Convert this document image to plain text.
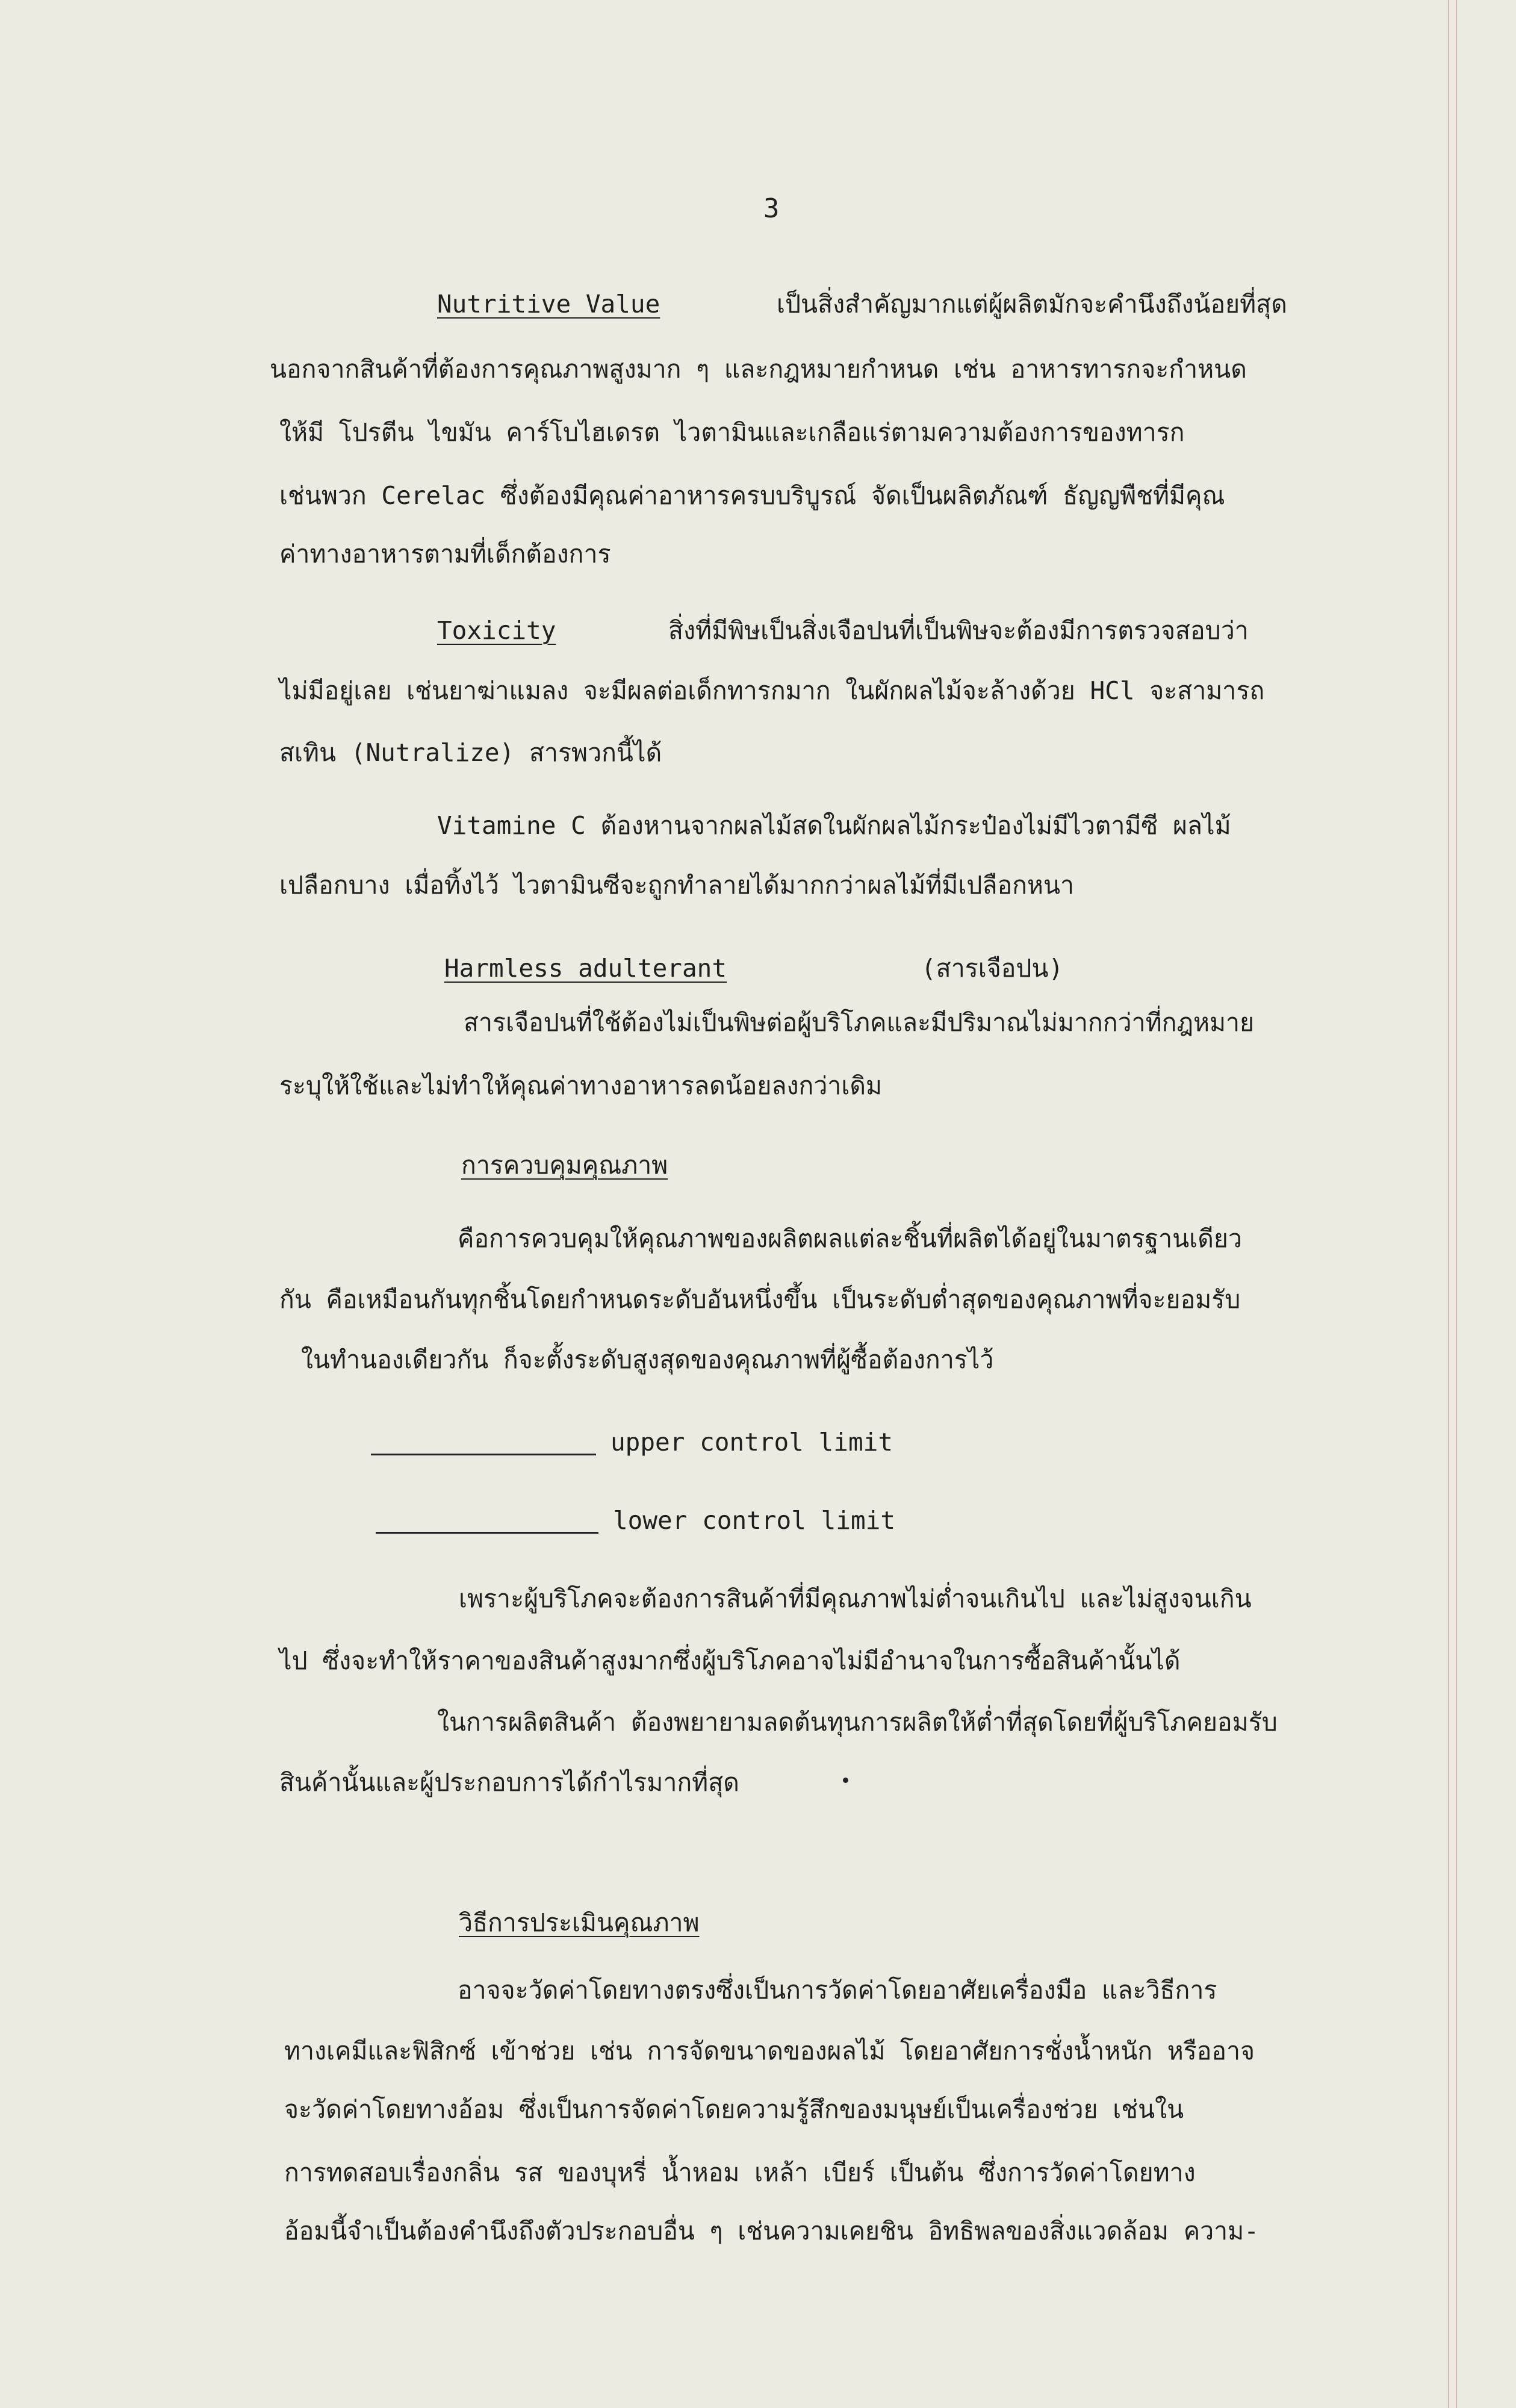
3
Nutritive Value	เป็นสิ่งสำคัญมากแต่ผู้ผลิตมักจะคำนึงถึงน้อยที่สุด
นอกจากสินค้าที่ต้องการคุณภาพสูงมาก ๆ และกฎหมายกำหนด เช่น อาหารทารกจะกำหนด
ให้มี โปรตีน ไขมัน คาร์โบไฮเดรต ไวตามินและเกลือแร่ตามความต้องการของทารก
เช่นพวก Cerelac ซึ่งต้องมีคุณค่าอาหารครบบริบูรณ์ จัดเป็นผลิตภัณฑ์ ธัญญพืชที่มีคุณ
ค่าทางอาหารตามที่เด็กต้องการ
Toxicity	สิ่งที่มีพิษเป็นสิ่งเจือปนที่เป็นพิษจะต้องมีการตรวจสอบว่า
ไม่มีอยู่เลย เช่นยาฆ่าแมลง จะมีผลต่อเด็กทารกมาก ในผักผลไม้จะล้างด้วย HCl จะสามารถ
สเทิน (Nutralize) สารพวกนี้ได้
Vitamine C ต้องหานจากผลไม้สดในผักผลไม้กระป๋องไม่มีไวตามีซี ผลไม้
เปลือกบาง เมื่อทิ้งไว้ ไวตามินซีจะถูกทำลายได้มากกว่าผลไม้ที่มีเปลือกหนา
Harmless adulterant	(สารเจือปน)
สารเจือปนที่ใช้ต้องไม่เป็นพิษต่อผู้บริโภคและมีปริมาณไม่มากกว่าที่กฎหมาย
ระบุให้ใช้และไม่ทำให้คุณค่าทางอาหารลดน้อยลงกว่าเดิม
การควบคุมคุณภาพ
คือการควบคุมให้คุณภาพของผลิตผลแต่ละชิ้นที่ผลิตได้อยู่ในมาตรฐานเดียว
กัน คือเหมือนกันทุกชิ้นโดยกำหนดระดับอันหนึ่งขึ้น เป็นระดับต่ำสุดของคุณภาพที่จะยอมรับ
ในทำนองเดียวกัน ก็จะตั้งระดับสูงสุดของคุณภาพที่ผู้ซื้อต้องการไว้
upper control limit
lower control limit
เพราะผู้บริโภคจะต้องการสินค้าที่มีคุณภาพไม่ต่ำจนเกินไป และไม่สูงจนเกิน
ไป ซึ่งจะทำให้ราคาของสินค้าสูงมากซึ่งผู้บริโภคอาจไม่มีอำนาจในการซื้อสินค้านั้นได้
ในการผลิตสินค้า ต้องพยายามลดต้นทุนการผลิตให้ต่ำที่สุดโดยที่ผู้บริโภคยอมรับ
สินค้านั้นและผู้ประกอบการได้กำไรมากที่สุด
วิธีการประเมินคุณภาพ
อาจจะวัดค่าโดยทางตรงซึ่งเป็นการวัดค่าโดยอาศัยเครื่องมือ และวิธีการ
ทางเคมีและฟิสิกซ์ เข้าช่วย เช่น การจัดขนาดของผลไม้ โดยอาศัยการชั่งน้ำหนัก หรืออาจ
จะวัดค่าโดยทางอ้อม ซึ่งเป็นการจัดค่าโดยความรู้สึกของมนุษย์เป็นเครื่องช่วย เช่นใน
การทดสอบเรื่องกลิ่น รส ของบุหรี่ น้ำหอม เหล้า เบียร์ เป็นต้น ซึ่งการวัดค่าโดยทาง
อ้อมนี้จำเป็นต้องคำนึงถึงตัวประกอบอื่น ๆ เช่นความเคยชิน อิทธิพลของสิ่งแวดล้อม ความ-
